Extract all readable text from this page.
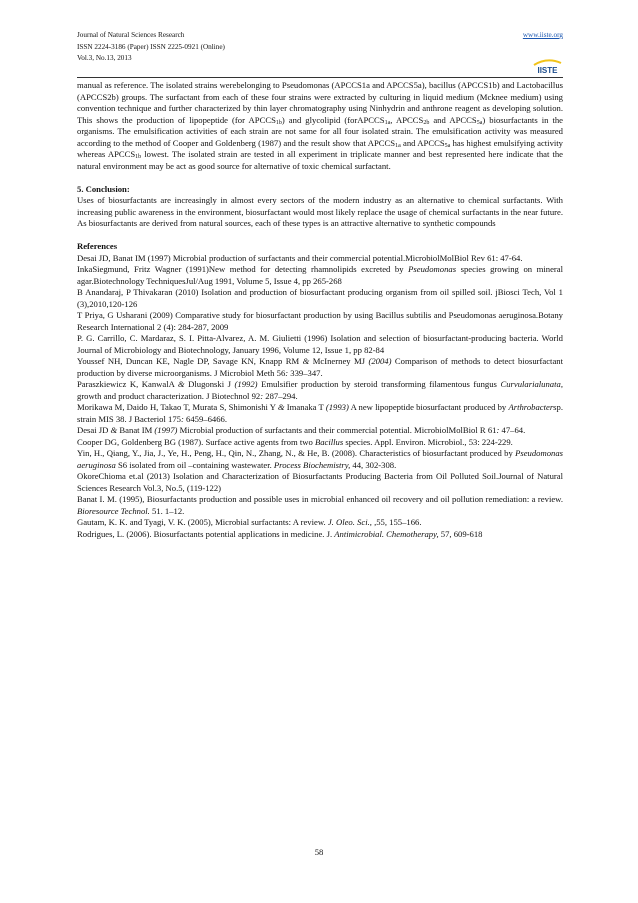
Journal of Natural Sciences Research	www.iiste.org
ISSN 2224-3186 (Paper) ISSN 2225-0921 (Online)
Vol.3, No.13, 2013
IISTE

manual as reference. The isolated strains werebelonging to Pseudomonas (APCCS1a and APCCS5a), bacillus (APCCS1b) and Lactobacillus (APCCS2b) groups. The surfactant from each of these four strains were extracted by culturing in liquid medium (Mcknee medium) using convention technique and further characterized by thin layer chromatography using Ninhydrin and anthrone reagent as developing solution. This shows the production of lipopeptide (for $APCCS_{1b}$) and glycolipid (forAPCCS$_{1a}$, $APCCS_{2b}$ and $APCCS_{5a}$) biosurfactants in the organisms. The emulsification activities of each strain are not same for all four isolated strain. The emulsification activity was measured according to the method of Cooper and Goldenberg (1987) and the result show that $APCCS_{1a}$ and $APCCS_{5a}$ has highest emulsifying activity whereas $APCCS_{1b}$ lowest. The isolated strain are tested in all experiment in triplicate manner and best represented here indicate that the natural environment may be act as good source for alternative of toxic chemical surfactant.

5. Conclusion:

Uses of biosurfactants are increasingly in almost every sectors of the modern industry as an alternative to chemical surfactants. With increasing public awareness in the environment, biosurfactant would most likely replace the usage of chemical surfactants in the near future. As biosurfactants are derived from natural sources, each of these types is an attractive alternative to synthetic compounds

References

Desai JD, Banat IM (1997) Microbial production of surfactants and their commercial potential.MicrobiolMolBiol Rev 61: 47-64.

InkaSiegmund, Fritz Wagner (1991)New method for detecting rhamnolipids excreted by Pseudomonas species growing on mineral agar.Biotechnology TechniquesJul/Aug 1991, Volume 5, Issue 4, pp 265-268

B Anandaraj, P Thivakaran (2010) Isolation and production of biosurfactant producing organism from oil spilled soil. jBiosci Tech, Vol 1 (3),2010,120-126

T Priya, G Usharani (2009) Comparative study for biosurfactant production by using Bacillus subtilis and Pseudomonas aeruginosa.Botany Research International 2 (4): 284-287, 2009

P. G. Carrillo, C. Mardaraz, S. I. Pitta-Alvarez, A. M. Giulietti (1996) Isolation and selection of biosurfactant-producing bacteria. World Journal of Microbiology and Biotechnology, January 1996, Volume 12, Issue 1, pp 82-84

Youssef NH, Duncan KE, Nagle DP, Savage KN, Knapp RM & McInerney MJ (2004) Comparison of methods to detect biosurfactant production by diverse microorganisms. J Microbiol Meth 56: 339–347.

Paraszkiewicz K, KanwalA & Dlugonski J (1992) Emulsifier production by steroid transforming filamentous fungus Curvularialunata, growth and product characterization. J Biotechnol 92: 287–294.

Morikawa M, Daido H, Takao T, Murata S, Shimonishi Y & Imanaka T (1993) A new lipopeptide biosurfactant produced by Arthrobactersp. strain MIS 38. J Bacteriol 175: 6459–6466.

Desai JD & Banat IM (1997) Microbial production of surfactants and their commercial potential. MicrobiolMolBiol R 61: 47–64.

Cooper DG, Goldenberg BG (1987). Surface active agents from two Bacillus species. Appl. Environ. Microbiol., 53: 224-229.

Yin, H., Qiang, Y., Jia, J., Ye, H., Peng, H., Qin, N., Zhang, N., & He, B. (2008). Characteristics of biosurfactant produced by Pseudomonas aeruginosa S6 isolated from oil –containing wastewater. Process Biochemistry, 44, 302-308.

OkoreChioma et.al (2013) Isolation and Characterization of Biosurfactants Producing Bacteria from Oil Polluted Soil.Journal of Natural Sciences Research Vol.3, No.5, (119-122)

Banat I. M. (1995), Biosurfactants production and possible uses in microbial enhanced oil recovery and oil pollution remediation: a review. Bioresource Technol. 51. 1–12.

Gautam, K. K. and Tyagi, V. K. (2005), Microbial surfactants: A review. J. Oleo. Sci., ,55, 155–166.

Rodrigues, L. (2006). Biosurfactants potential applications in medicine. J. Antimicrobial. Chemotherapy, 57, 609-618

58
